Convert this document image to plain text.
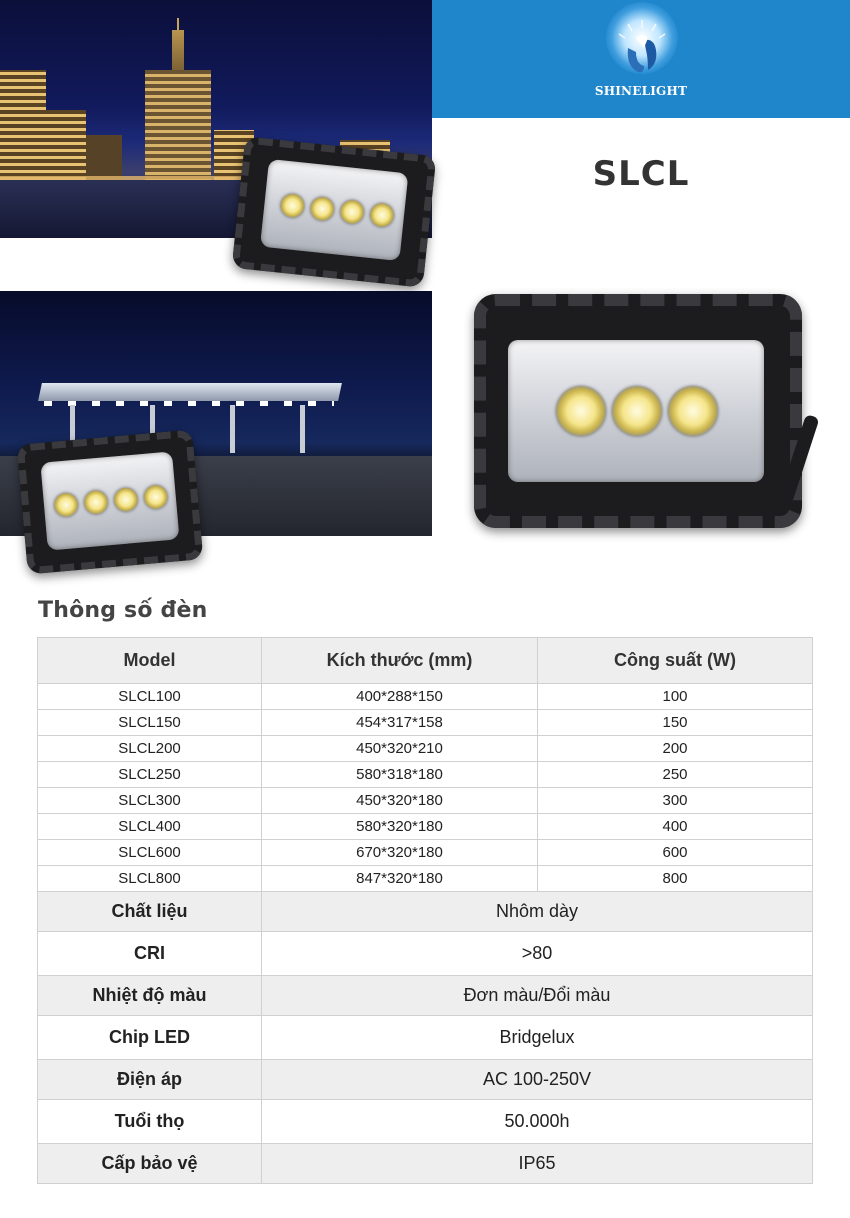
SHINELIGHT
SLCL
Thông số đèn
Model	Kích thước (mm)	Công suất (W)
SLCL100	400*288*150	100
SLCL150	454*317*158	150
SLCL200	450*320*210	200
SLCL250	580*318*180	250
SLCL300	450*320*180	300
SLCL400	580*320*180	400
SLCL600	670*320*180	600
SLCL800	847*320*180	800
Chất liệu	Nhôm dày	
CRI	>80	
Nhiệt độ màu	Đơn màu/Đổi màu	
Chip LED	Bridgelux	
Điện áp	AC 100-250V	
Tuổi thọ	50.000h	
Cấp bảo vệ	IP65	
